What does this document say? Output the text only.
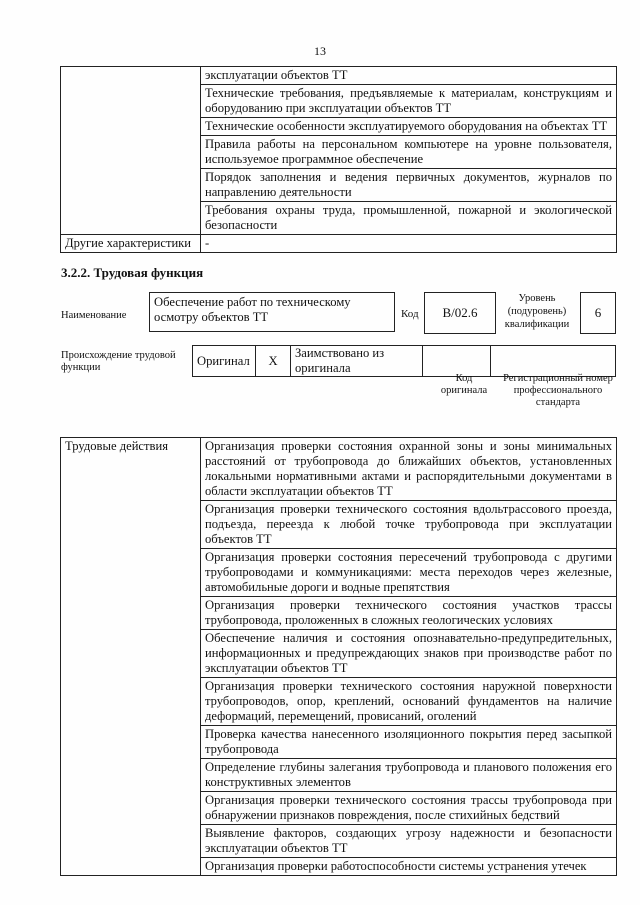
13
	эксплуатации объектов ТТ
	Технические требования, предъявляемые к материалам, конструкциям и оборудованию при эксплуатации объектов ТТ
	Технические особенности эксплуатируемого оборудования на объектах ТТ
	Правила работы на персональном компьютере на уровне пользователя, используемое программное обеспечение
	Порядок заполнения и ведения первичных документов, журналов по направлению деятельности
	Требования охраны труда, промышленной, пожарной и экологической безопасности
Другие характеристики	-
3.2.2. Трудовая функция
Наименование
Обеспечение работ по техническому осмотру объектов ТТ	Код	B/02.6
Уровень (подуровень) квалификации
6
Происхождение трудовой функции	Оригинал	X	Заимствовано из оригинала		
Код оригинала
Регистрационный номер профессионального стандарта
Трудовые действия	Организация проверки состояния охранной зоны и зоны минимальных расстояний от трубопровода до ближайших объектов, установленных локальными нормативными актами и распорядительными документами в области эксплуатации объектов ТТ
Организация проверки технического состояния вдольтрассового проезда, подъезда, переезда к любой точке трубопровода при эксплуатации объектов ТТ
Организация проверки состояния пересечений трубопровода с другими трубопроводами и коммуникациями: места переходов через железные, автомобильные дороги и водные препятствия
Организация проверки технического состояния участков трассы трубопровода, проложенных в сложных геологических условиях
Обеспечение наличия и состояния опознавательно-предупредительных, информационных и предупреждающих знаков при производстве работ по эксплуатации объектов ТТ
Организация проверки технического состояния наружной поверхности трубопроводов, опор, креплений, оснований фундаментов на наличие деформаций, перемещений, провисаний, оголений
Проверка качества нанесенного изоляционного покрытия перед засыпкой трубопровода
Определение глубины залегания трубопровода и планового положения его конструктивных элементов
Организация проверки технического состояния трассы трубопровода при обнаружении признаков повреждения, после стихийных бедствий
Выявление факторов, создающих угрозу надежности и безопасности эксплуатации объектов ТТ
Организация проверки работоспособности системы устранения утечек
